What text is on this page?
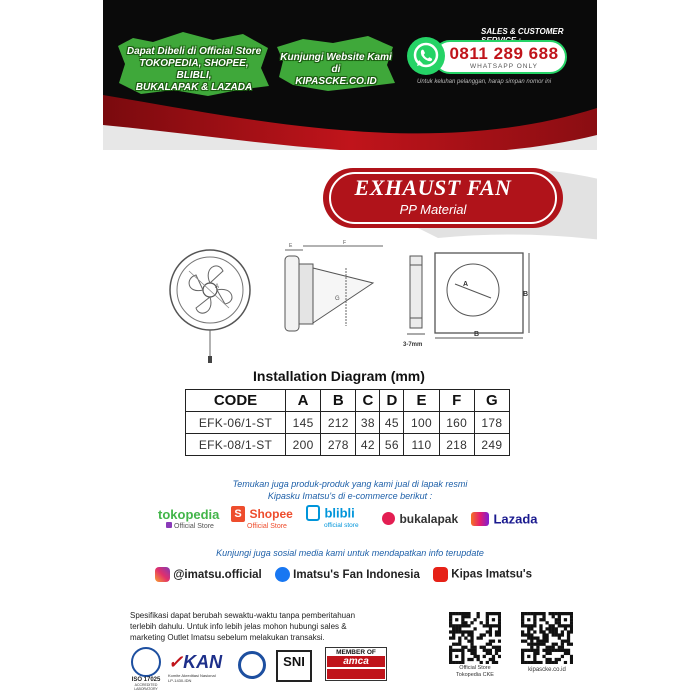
Dapat Dibeli di Official Store
TOKOPEDIA, SHOPEE, BLIBLI,
BUKALAPAK & LAZADA
Kunjungi Website Kami di
KIPASCKE.CO.ID
SALES & CUSTOMER
0811 289 688
WHATSAPP ONLY
Untuk keluhan pelanggan, harap simpan nomor ini
EXHAUST FAN
PP Material
A
E	F
G
3-7mm
A
B
B
Installation Diagram (mm)
CODE	A	B	C	D	E	F	G
EFK-06/1-ST	145	212	38	45	100	160	178
EFK-08/1-ST	200	278	42	56	110	218	249
Temukan juga produk-produk yang kami jual di lapak resmi
Kipasku Imatsu's di e-commerce berikut :
tokopedia
Official Store
S Shopee
Official Store
blibli
official store	bukalapak	Lazada
Kunjungi juga sosial media kami untuk mendapatkan info terupdate
@imatsu.official	Imatsu's Fan Indonesia	Kipas Imatsu's
Spesifikasi dapat berubah sewaktu-waktu tanpa pemberitahuan
terlebih dahulu. Untuk info lebih jelas mohon hubungi sales &
marketing Outlet Imatsu sebelum melakukan transaksi.
ISO 17025
ACCREDITED LABORATORY
✓KAN
Komite Akreditasi Nasional
LP-1430-IDN
SNI
MEMBER OF
amca
Official Store
Tokopedia CKE
kipascke.co.id
